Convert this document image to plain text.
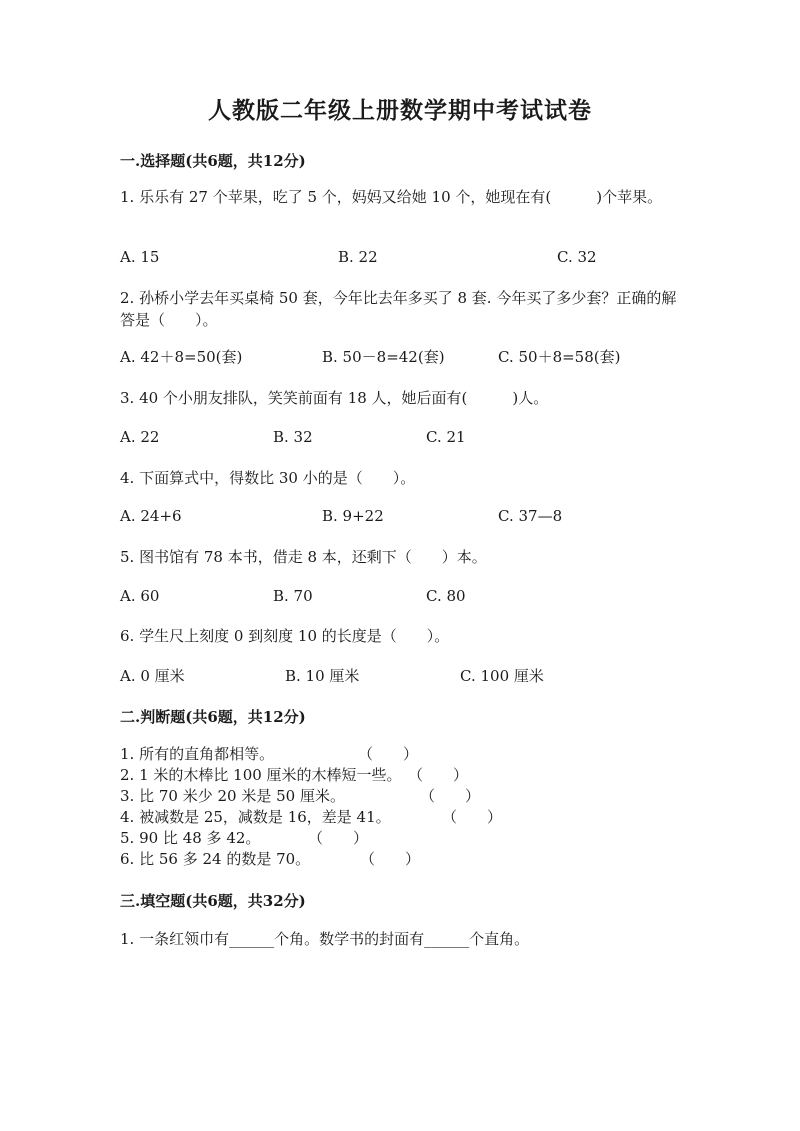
人教版二年级上册数学期中考试试卷
一.选择题(共6题，共12分)
1. 乐乐有 27 个苹果，吃了 5 个，妈妈又给她 10 个，她现在有(　　　)个苹果。
A. 15	B. 22	C. 32
2. 孙桥小学去年买桌椅 50 套，今年比去年多买了 8 套. 今年买了多少套？正确的解答是（　　）。
A. 42＋8=50(套)	B. 50－8=42(套)	C. 50＋8=58(套)
3. 40 个小朋友排队，笑笑前面有 18 人，她后面有(　　　)人。
A. 22	B. 32	C. 21
4. 下面算式中，得数比 30 小的是（　　）。
A. 24+6	B. 9+22	C. 37—8
5. 图书馆有 78 本书，借走 8 本，还剩下（　　）本。
A. 60	B. 70	C. 80
6. 学生尺上刻度 0 到刻度 10 的长度是（　　）。
A. 0 厘米	B. 10 厘米	C. 100 厘米
二.判断题(共6题，共12分)
1. 所有的直角都相等。	（　　）
2. 1 米的木棒比 100 厘米的木棒短一些。 （　　）
3. 比 70 米少 20 米是 50 厘米。	（　　）
4. 被减数是 25，减数是 16，差是 41。	（　　）
5. 90 比 48 多 42。	（　　）
6. 比 56 多 24 的数是 70。	（　　）
三.填空题(共6题，共32分)
1. 一条红领巾有______个角。数学书的封面有______个直角。
